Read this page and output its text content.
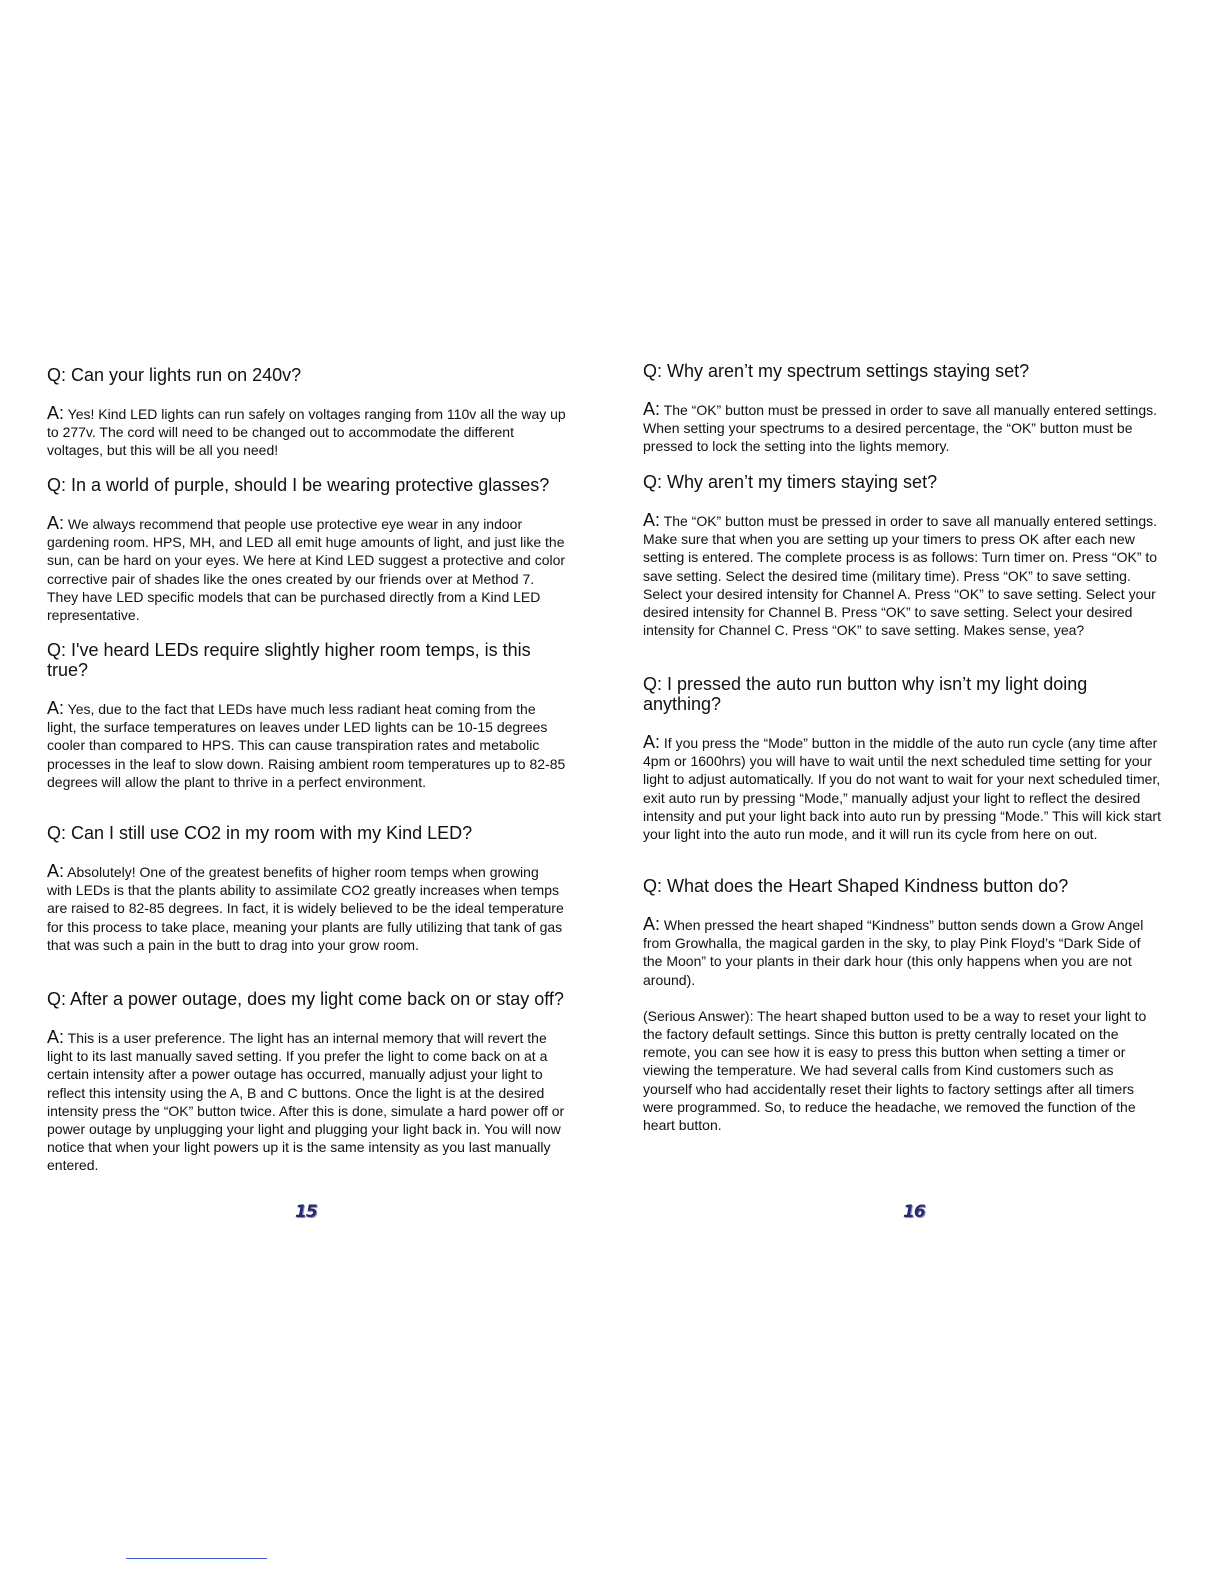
Q: Can your lights run on 240v?

A: Yes! Kind LED lights can run safely on voltages ranging from 110v all the way up to 277v. The cord will need to be changed out to accommodate the different voltages, but this will be all you need!

Q: In a world of purple, should I be wearing protective glasses?

A: We always recommend that people use protective eye wear in any indoor gardening room. HPS, MH, and LED all emit huge amounts of light, and just like the sun, can be hard on your eyes. We here at Kind LED suggest a protective and color corrective pair of shades like the ones created by our friends over at Method 7. They have LED specific models that can be purchased directly from a Kind LED representative.

Q: I've heard LEDs require slightly higher room temps, is this true?

A: Yes, due to the fact that LEDs have much less radiant heat coming from the light, the surface temperatures on leaves under LED lights can be 10-15 degrees cooler than compared to HPS. This can cause transpiration rates and metabolic processes in the leaf to slow down. Raising ambient room temperatures up to 82-85 degrees will allow the plant to thrive in a perfect environment.

Q: Can I still use CO2 in my room with my Kind LED?

A: Absolutely! One of the greatest benefits of higher room temps when growing with LEDs is that the plants ability to assimilate CO2 greatly increases when temps are raised to 82-85 degrees. In fact, it is widely believed to be the ideal temperature for this process to take place, meaning your plants are fully utilizing that tank of gas that was such a pain in the butt to drag into your grow room.

Q: After a power outage, does my light come back on or stay off?

A: This is a user preference. The light has an internal memory that will revert the light to its last manually saved setting. If you prefer the light to come back on at a certain intensity after a power outage has occurred, manually adjust your light to reflect this intensity using the A, B and C buttons. Once the light is at the desired intensity press the “OK” button twice. After this is done, simulate a hard power off or power outage by unplugging your light and plugging your light back in. You will now notice that when your light powers up it is the same intensity as you last manually entered.

15

Q: Why aren’t my spectrum settings staying set?

A: The “OK” button must be pressed in order to save all manually entered settings. When setting your spectrums to a desired percentage, the “OK” button must be pressed to lock the setting into the lights memory.

Q: Why aren’t my timers staying set?

A: The “OK” button must be pressed in order to save all manually entered settings. Make sure that when you are setting up your timers to press OK after each new setting is entered. The complete process is as follows: Turn timer on. Press “OK” to save setting. Select the desired time (military time). Press “OK” to save setting. Select your desired intensity for Channel A. Press “OK” to save setting. Select your desired intensity for Channel B. Press “OK” to save setting. Select your desired intensity for Channel C. Press “OK” to save setting. Makes sense, yea?

Q: I pressed the auto run button why isn’t my light doing anything?

A: If you press the “Mode” button in the middle of the auto run cycle (any time after 4pm or 1600hrs) you will have to wait until the next scheduled time setting for your light to adjust automatically. If you do not want to wait for your next scheduled timer, exit auto run by pressing “Mode,” manually adjust your light to reflect the desired intensity and put your light back into auto run by pressing “Mode.” This will kick start your light into the auto run mode, and it will run its cycle from here on out.

Q: What does the Heart Shaped Kindness button do?

A: When pressed the heart shaped “Kindness” button sends down a Grow Angel from Growhalla, the magical garden in the sky, to play Pink Floyd’s “Dark Side of the Moon” to your plants in their dark hour (this only happens when you are not around).

(Serious Answer): The heart shaped button used to be a way to reset your light to the factory default settings. Since this button is pretty centrally located on the remote, you can see how it is easy to press this button when setting a timer or viewing the temperature. We had several calls from Kind customers such as yourself who had accidentally reset their lights to factory settings after all timers were programmed. So, to reduce the headache, we removed the function of the heart button.

16
